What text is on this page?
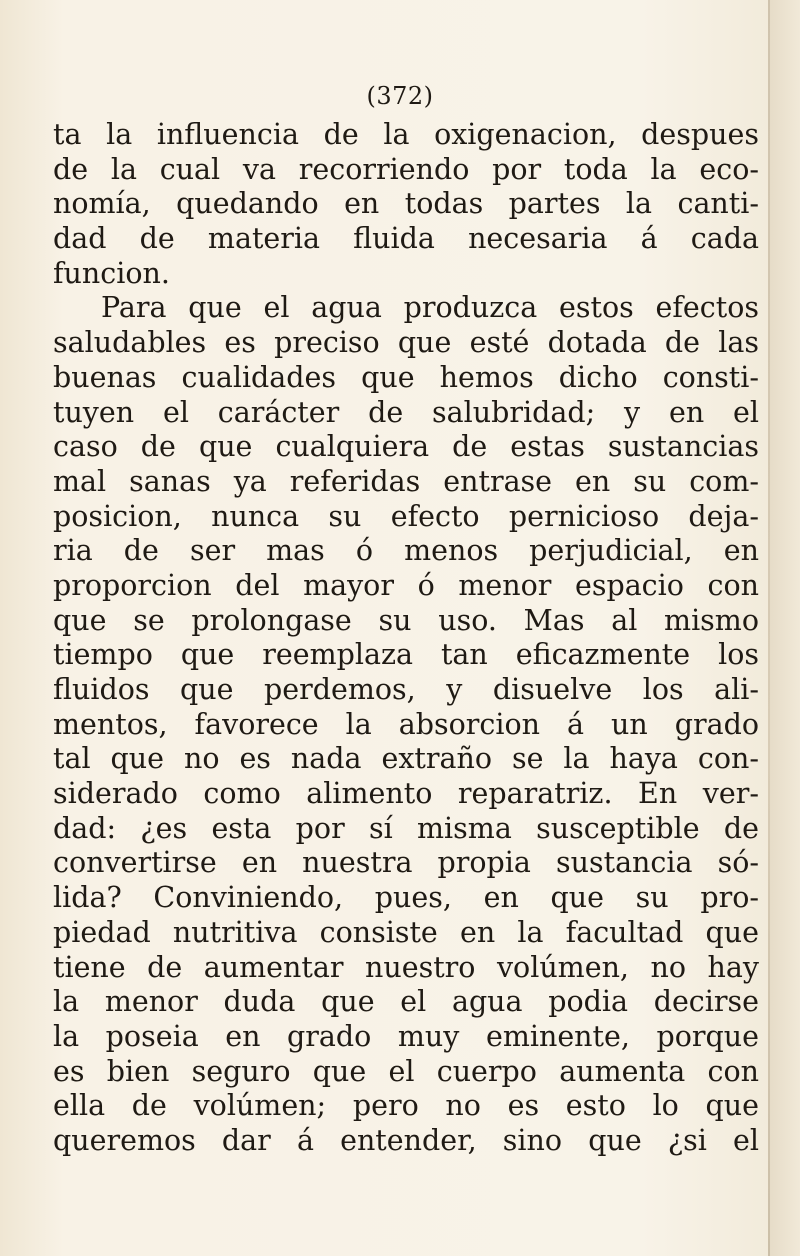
(372)
ta la influencia de la oxigenacion, despues
de la cual va recorriendo por toda la eco-
nomía, quedando en todas partes la canti-
dad de materia fluida necesaria á cada
funcion.
Para que el agua produzca estos efectos
saludables es preciso que esté dotada de las
buenas cualidades que hemos dicho consti-
tuyen el carácter de salubridad; y en el
caso de que cualquiera de estas sustancias
mal sanas ya referidas entrase en su com-
posicion, nunca su efecto pernicioso deja-
ria de ser mas ó menos perjudicial, en
proporcion del mayor ó menor espacio con
que se prolongase su uso. Mas al mismo
tiempo que reemplaza tan eficazmente los
fluidos que perdemos, y disuelve los ali-
mentos, favorece la absorcion á un grado
tal que no es nada extraño se la haya con-
siderado como alimento reparatriz. En ver-
dad: ¿es esta por sí misma susceptible de
convertirse en nuestra propia sustancia só-
lida? Conviniendo, pues, en que su pro-
piedad nutritiva consiste en la facultad que
tiene de aumentar nuestro volúmen, no hay
la menor duda que el agua podia decirse
la poseia en grado muy eminente, porque
es bien seguro que el cuerpo aumenta con
ella de volúmen; pero no es esto lo que
queremos dar á entender, sino que ¿si el
